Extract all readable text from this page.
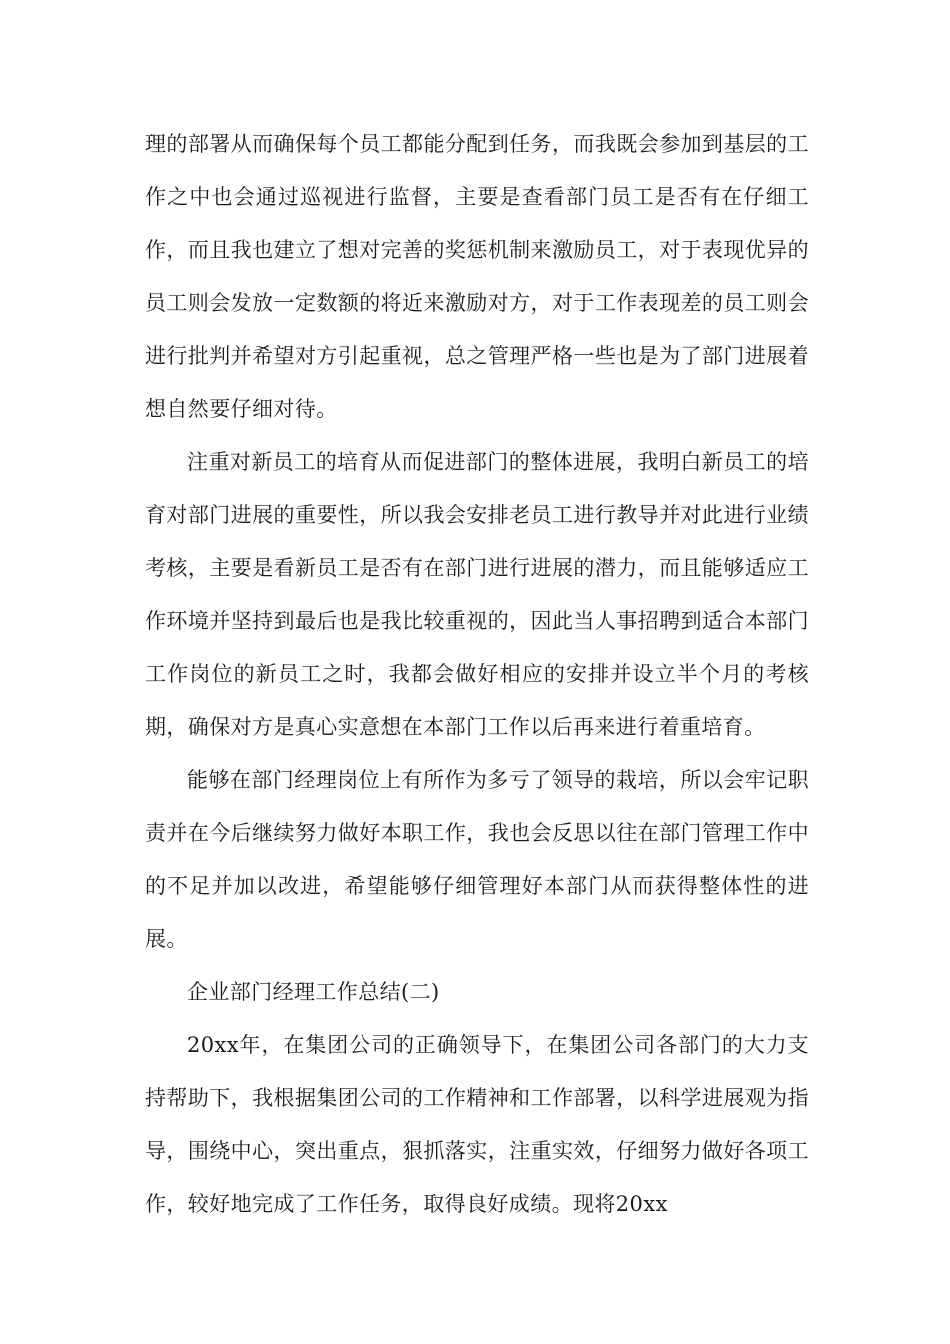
理的部署从而确保每个员工都能分配到任务，而我既会参加到基层的工作之中也会通过巡视进行监督，主要是查看部门员工是否有在仔细工作，而且我也建立了想对完善的奖惩机制来激励员工，对于表现优异的员工则会发放一定数额的将近来激励对方，对于工作表现差的员工则会进行批判并希望对方引起重视，总之管理严格一些也是为了部门进展着想自然要仔细对待。

注重对新员工的培育从而促进部门的整体进展，我明白新员工的培育对部门进展的重要性，所以我会安排老员工进行教导并对此进行业绩考核，主要是看新员工是否有在部门进行进展的潜力，而且能够适应工作环境并坚持到最后也是我比较重视的，因此当人事招聘到适合本部门工作岗位的新员工之时，我都会做好相应的安排并设立半个月的考核期，确保对方是真心实意想在本部门工作以后再来进行着重培育。

能够在部门经理岗位上有所作为多亏了领导的栽培，所以会牢记职责并在今后继续努力做好本职工作，我也会反思以往在部门管理工作中的不足并加以改进，希望能够仔细管理好本部门从而获得整体性的进展。

企业部门经理工作总结(二)

20xx年，在集团公司的正确领导下，在集团公司各部门的大力支持帮助下，我根据集团公司的工作精神和工作部署，以科学进展观为指导，围绕中心，突出重点，狠抓落实，注重实效，仔细努力做好各项工作，较好地完成了工作任务，取得良好成绩。现将20xx
